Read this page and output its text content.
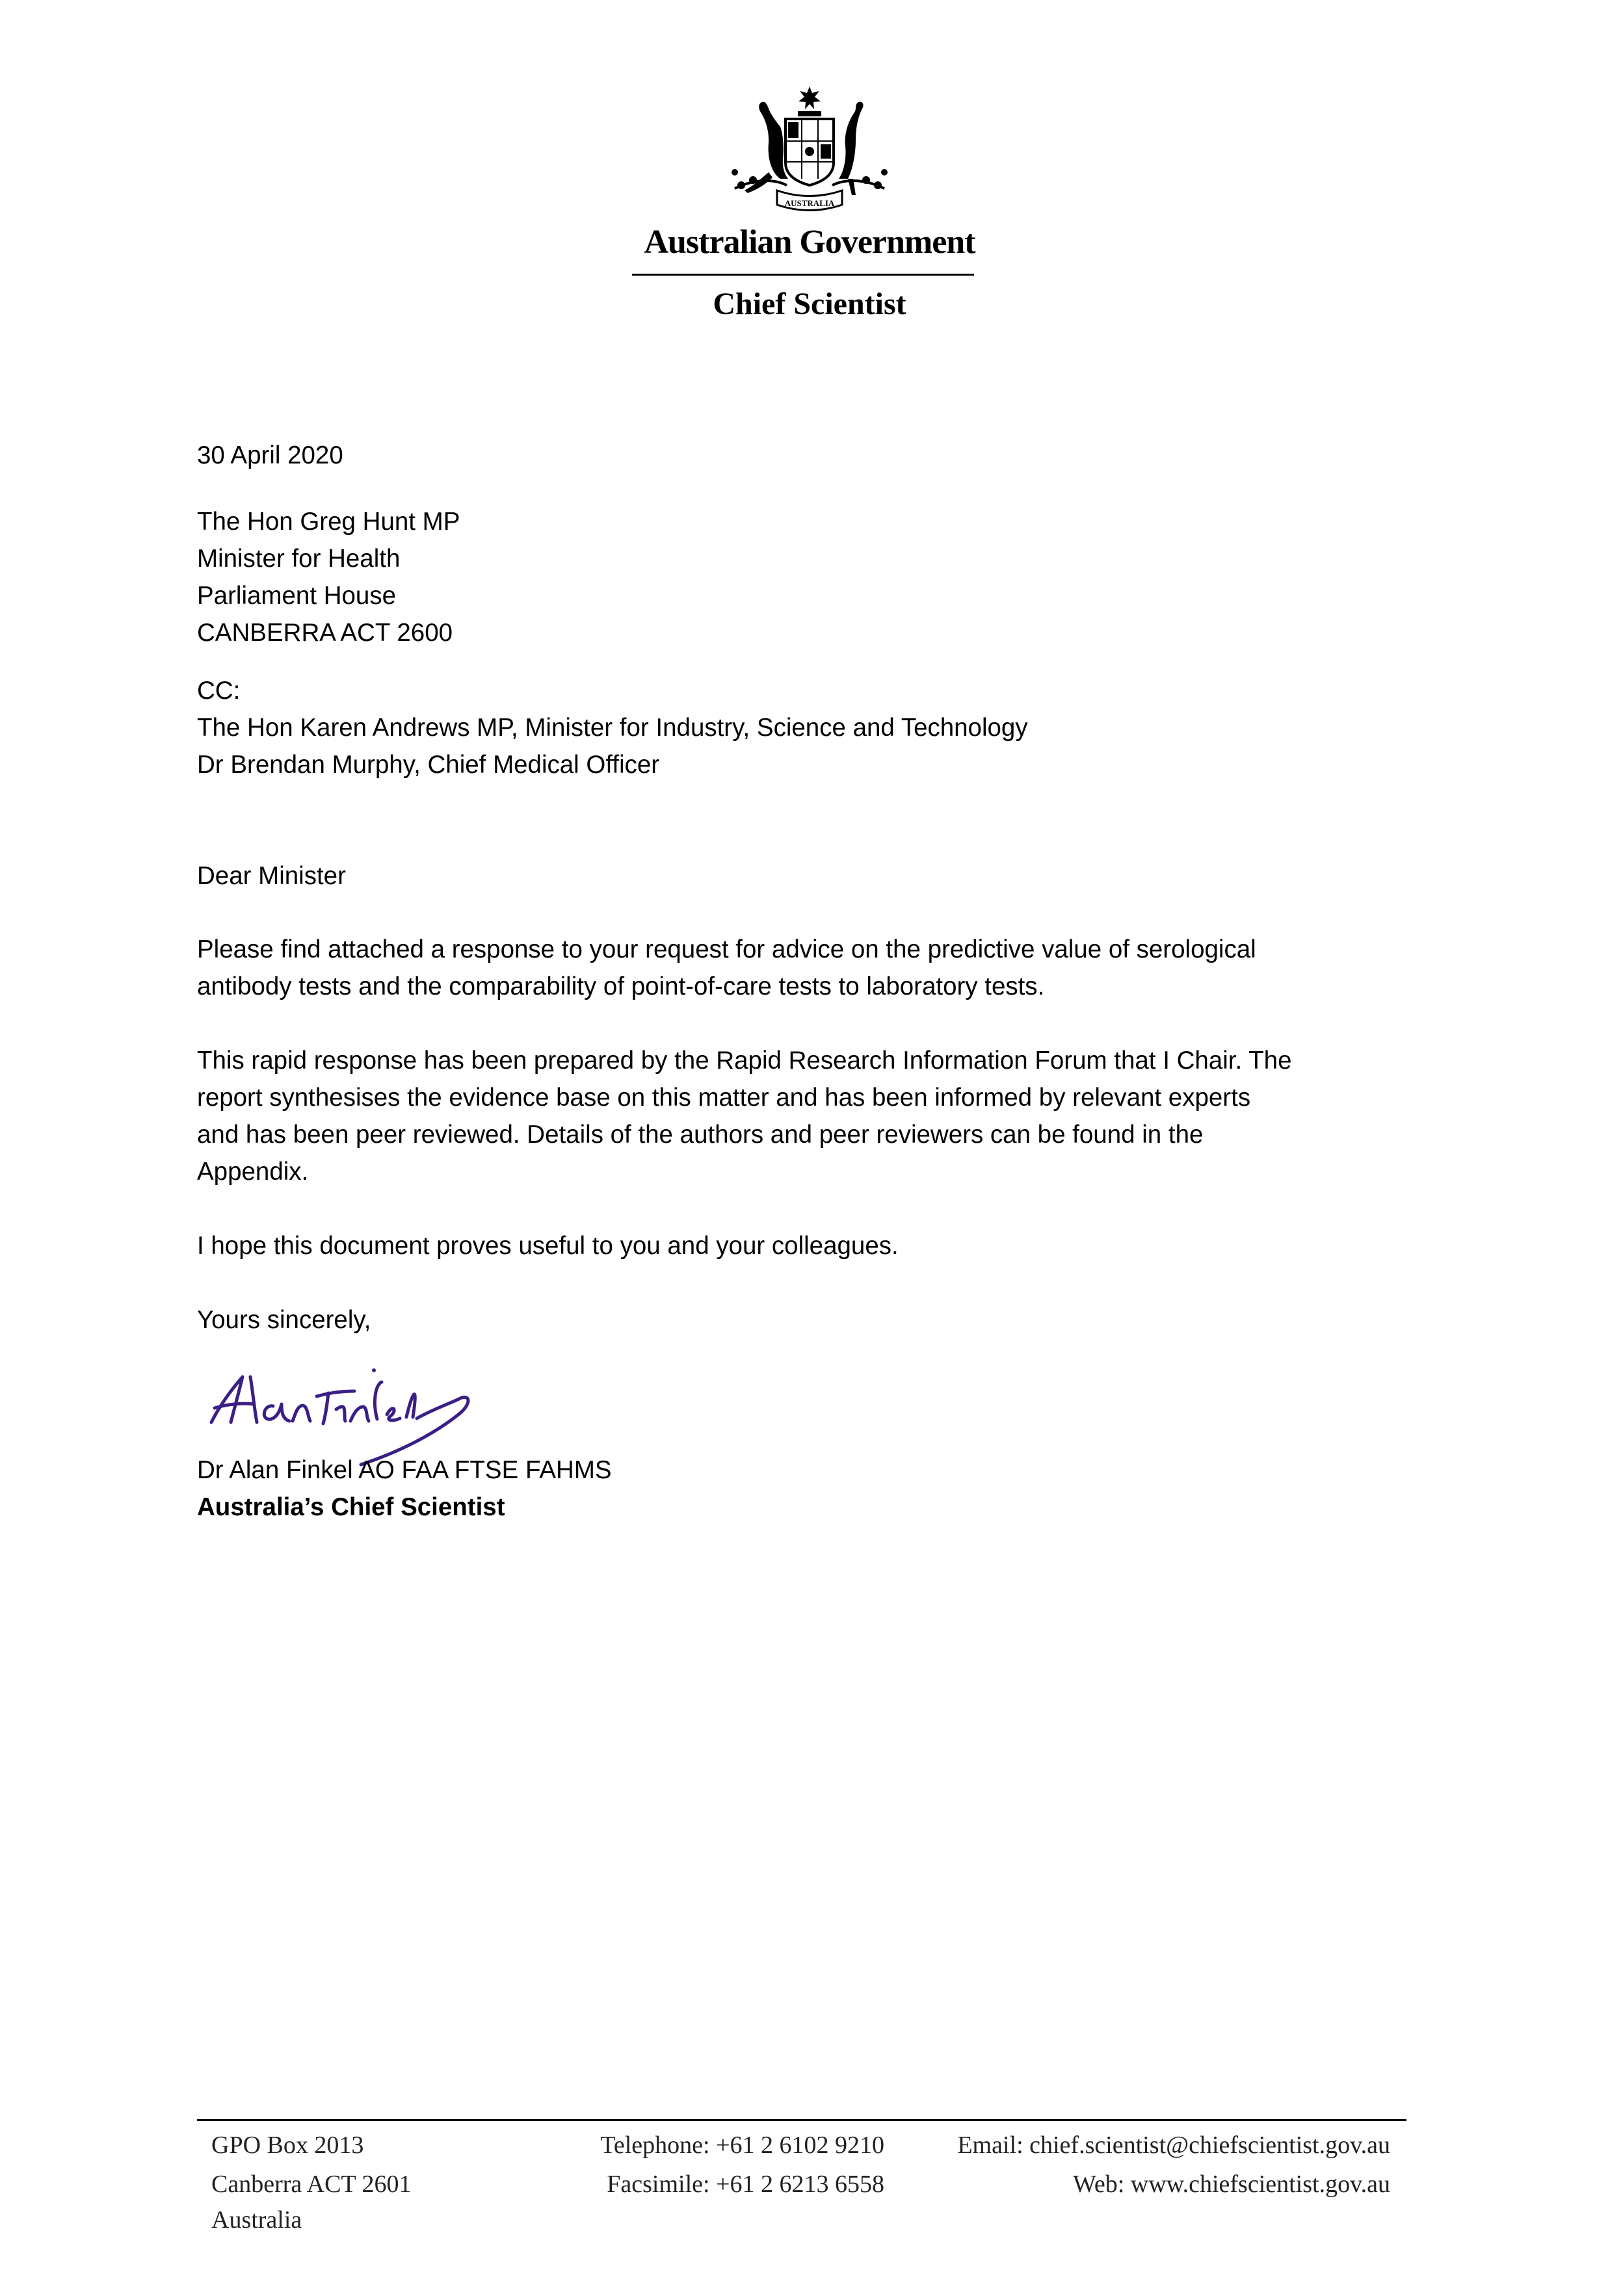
AUSTRALIA
Australian Government
Chief Scientist
30 April 2020
The Hon Greg Hunt MP
Minister for Health
Parliament House
CANBERRA ACT 2600
CC:
The Hon Karen Andrews MP, Minister for Industry, Science and Technology
Dr Brendan Murphy, Chief Medical Officer
Dear Minister
Please find attached a response to your request for advice on the predictive value of serological
antibody tests and the comparability of point-of-care tests to laboratory tests.
This rapid response has been prepared by the Rapid Research Information Forum that I Chair. The
report synthesises the evidence base on this matter and has been informed by relevant experts
and has been peer reviewed. Details of the authors and peer reviewers can be found in the
Appendix.
I hope this document proves useful to you and your colleagues.
Yours sincerely,
Dr Alan Finkel AO FAA FTSE FAHMS
Australia’s Chief Scientist
GPO Box 2013
Canberra ACT 2601
Australia
Telephone: +61 2 6102 9210
Facsimile: +61 2 6213 6558
Email: chief.scientist@chiefscientist.gov.au
Web: www.chiefscientist.gov.au
